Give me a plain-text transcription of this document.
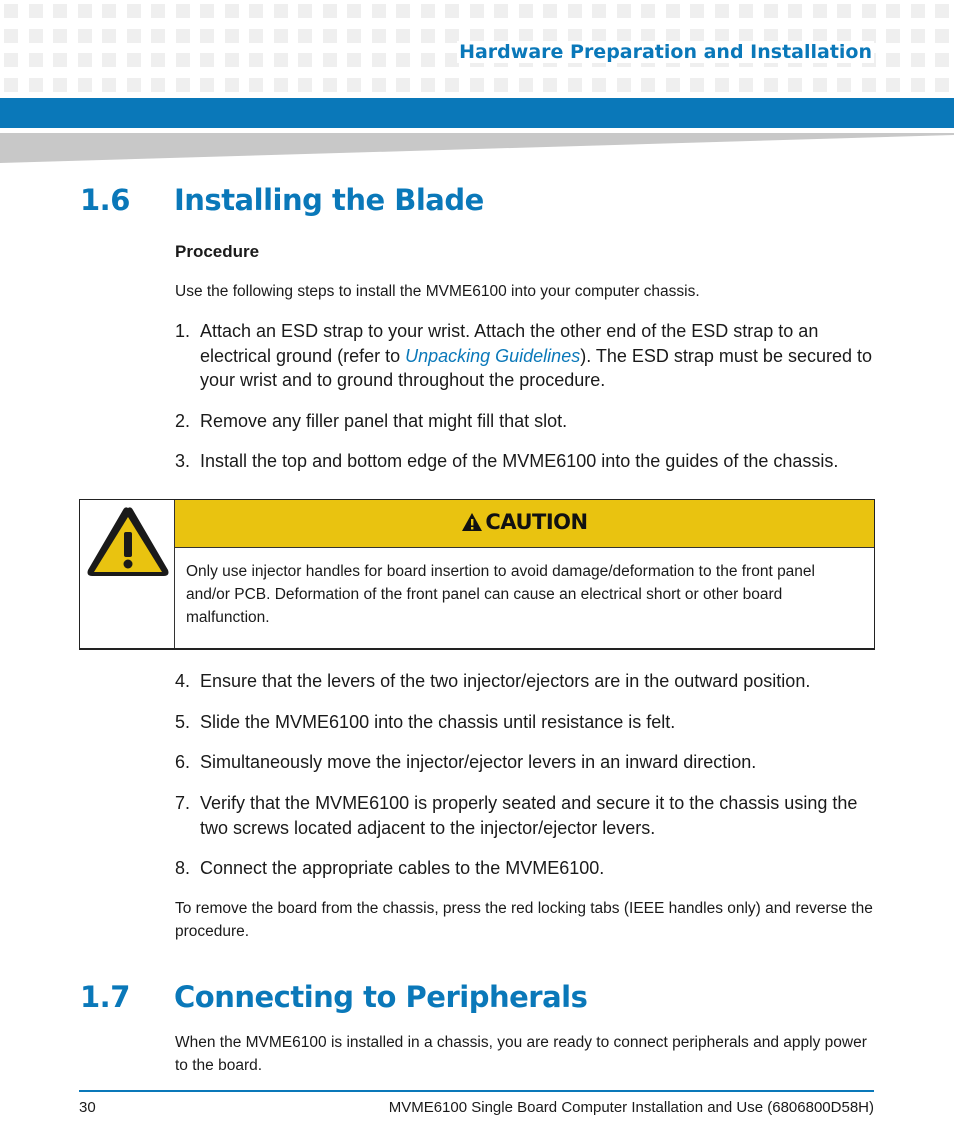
Hardware Preparation and Installation
1.6 Installing the Blade
Procedure
Use the following steps to install the MVME6100 into your computer chassis.
1. Attach an ESD strap to your wrist. Attach the other end of the ESD strap to an electrical ground (refer to Unpacking Guidelines). The ESD strap must be secured to your wrist and to ground throughout the procedure.
2. Remove any filler panel that might fill that slot.
3. Install the top and bottom edge of the MVME6100 into the guides of the chassis.
CAUTION
Only use injector handles for board insertion to avoid damage/deformation to the front panel and/or PCB. Deformation of the front panel can cause an electrical short or other board malfunction.
4. Ensure that the levers of the two injector/ejectors are in the outward position.
5. Slide the MVME6100 into the chassis until resistance is felt.
6. Simultaneously move the injector/ejector levers in an inward direction.
7. Verify that the MVME6100 is properly seated and secure it to the chassis using the two screws located adjacent to the injector/ejector levers.
8. Connect the appropriate cables to the MVME6100.
To remove the board from the chassis, press the red locking tabs (IEEE handles only) and reverse the procedure.
1.7 Connecting to Peripherals
When the MVME6100 is installed in a chassis, you are ready to connect peripherals and apply power to the board.
30	MVME6100 Single Board Computer Installation and Use (6806800D58H)
